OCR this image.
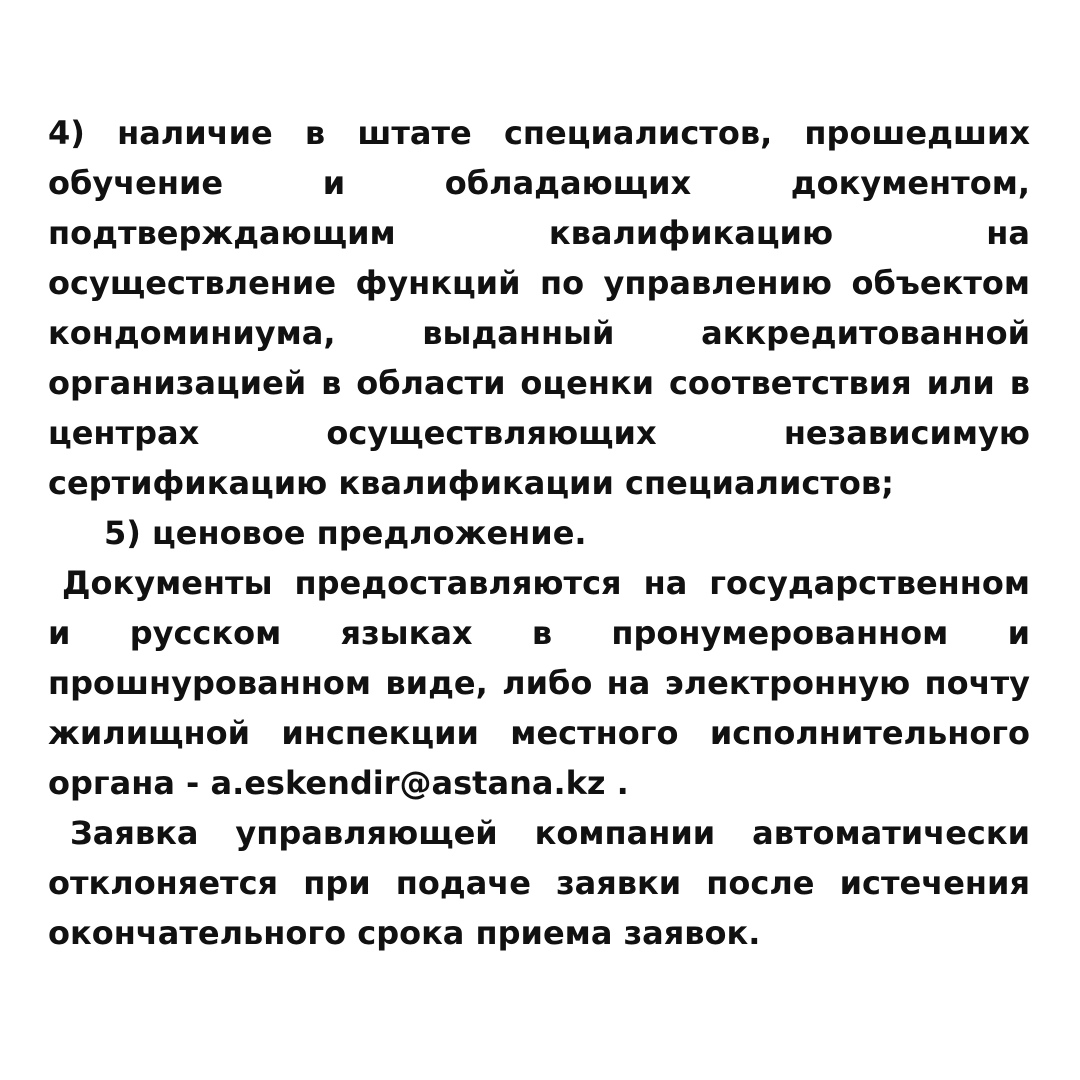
4) наличие в штате специалистов, прошедших обучение и обладающих документом, подтверждающим квалификацию на осуществление функций по управлению объектом кондоминиума, выданный аккредитованной организацией в области оценки соответствия или в центрах осуществляющих независимую сертификацию квалификации специалистов;

5) ценовое предложение.

Документы предоставляются на государственном и русском языках в пронумерованном и прошнурованном виде, либо на электронную почту жилищной инспекции местного исполнительного органа - a.eskendir@astana.kz .

Заявка управляющей компании автоматически отклоняется при подаче заявки после истечения окончательного срока приема заявок.
